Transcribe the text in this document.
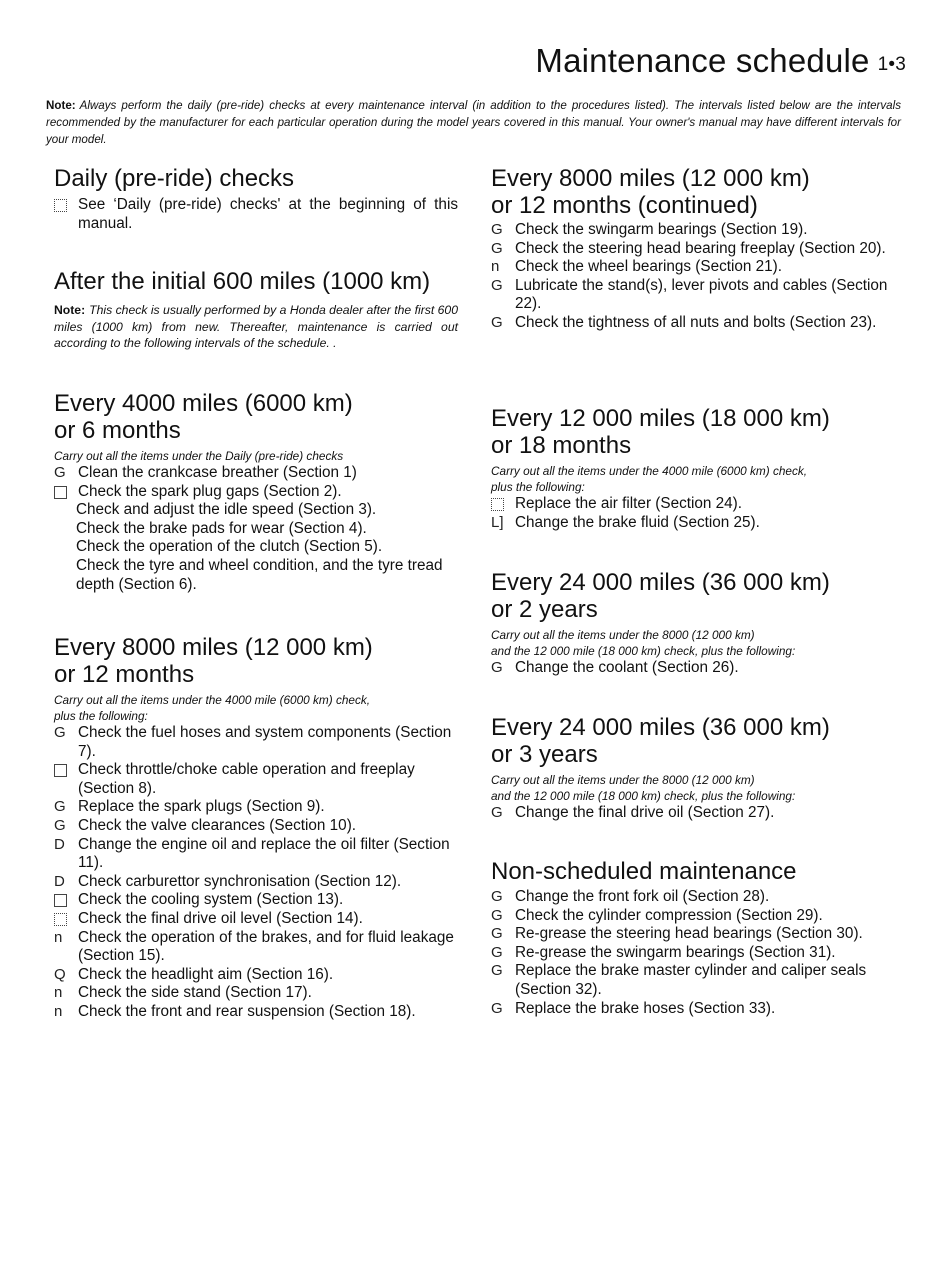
Maintenance schedule 1•3
Note: Always perform the daily (pre-ride) checks at every maintenance interval (in addition to the procedures listed). The intervals listed below are the intervals recommended by the manufacturer for each particular operation during the model years covered in this manual. Your owner's manual may have different intervals for your model.
Daily (pre-ride) checks
See ‘Daily (pre-ride) checks' at the beginning of this manual.
After the initial 600 miles (1000 km)

Note: This check is usually performed by a Honda dealer after the first 600 miles (1000 km) from new. Thereafter, maintenance is carried out according to the following intervals of the schedule. .

Every 4000 miles (6000 km)
or 6 months

Carry out all the items under the Daily (pre-ride) checks

G Clean the crankcase breather (Section 1)
Check the spark plug gaps (Section 2).
Check and adjust the idle speed (Section 3).
Check the brake pads for wear (Section 4).
Check the operation of the clutch (Section 5).
Check the tyre and wheel condition, and the tyre tread depth (Section 6).
Every 8000 miles (12 000 km)
or 12 months

Carry out all the items under the 4000 mile (6000 km) check,
plus the following:

G Check the fuel hoses and system components (Section 7).
Check throttle/choke cable operation and freeplay (Section 8).
G Replace the spark plugs (Section 9).
G Check the valve clearances (Section 10).
D Change the engine oil and replace the oil filter (Section 11).
D Check carburettor synchronisation (Section 12).
Check the cooling system (Section 13).
Check the final drive oil level (Section 14).
n	Check the operation of the brakes, and for fluid leakage (Section 15).
Q Check the headlight aim (Section 16).
n	Check the side stand (Section 17).
n	Check the front and rear suspension (Section 18).
Every 8000 miles (12 000 km)
or 12 months (continued)
G Check the swingarm bearings (Section 19).
G Check the steering head bearing freeplay (Section 20).
n	Check the wheel bearings (Section 21).
G Lubricate the stand(s), lever pivots and cables (Section 22).
G Check the tightness of all nuts and bolts (Section 23).
Every 12 000 miles (18 000 km)
or 18 months

Carry out all the items under the 4000 mile (6000 km) check,
plus the following:

Replace the air filter (Section 24).
L] Change the brake fluid (Section 25).
Every 24 000 miles (36 000 km)
or 2 years

Carry out all the items under the 8000 (12 000 km)
and the 12 000 mile (18 000 km) check, plus the following:

G Change the coolant (Section 26).
Every 24 000 miles (36 000 km)
or 3 years

Carry out all the items under the 8000 (12 000 km)
and the 12 000 mile (18 000 km) check, plus the following:

G Change the final drive oil (Section 27).
Non-scheduled maintenance
G Change the front fork oil (Section 28).
G Check the cylinder compression (Section 29).
G Re-grease the steering head bearings (Section 30).
G Re-grease the swingarm bearings (Section 31).
G Replace the brake master cylinder and caliper seals (Section 32).
G Replace the brake hoses (Section 33).
